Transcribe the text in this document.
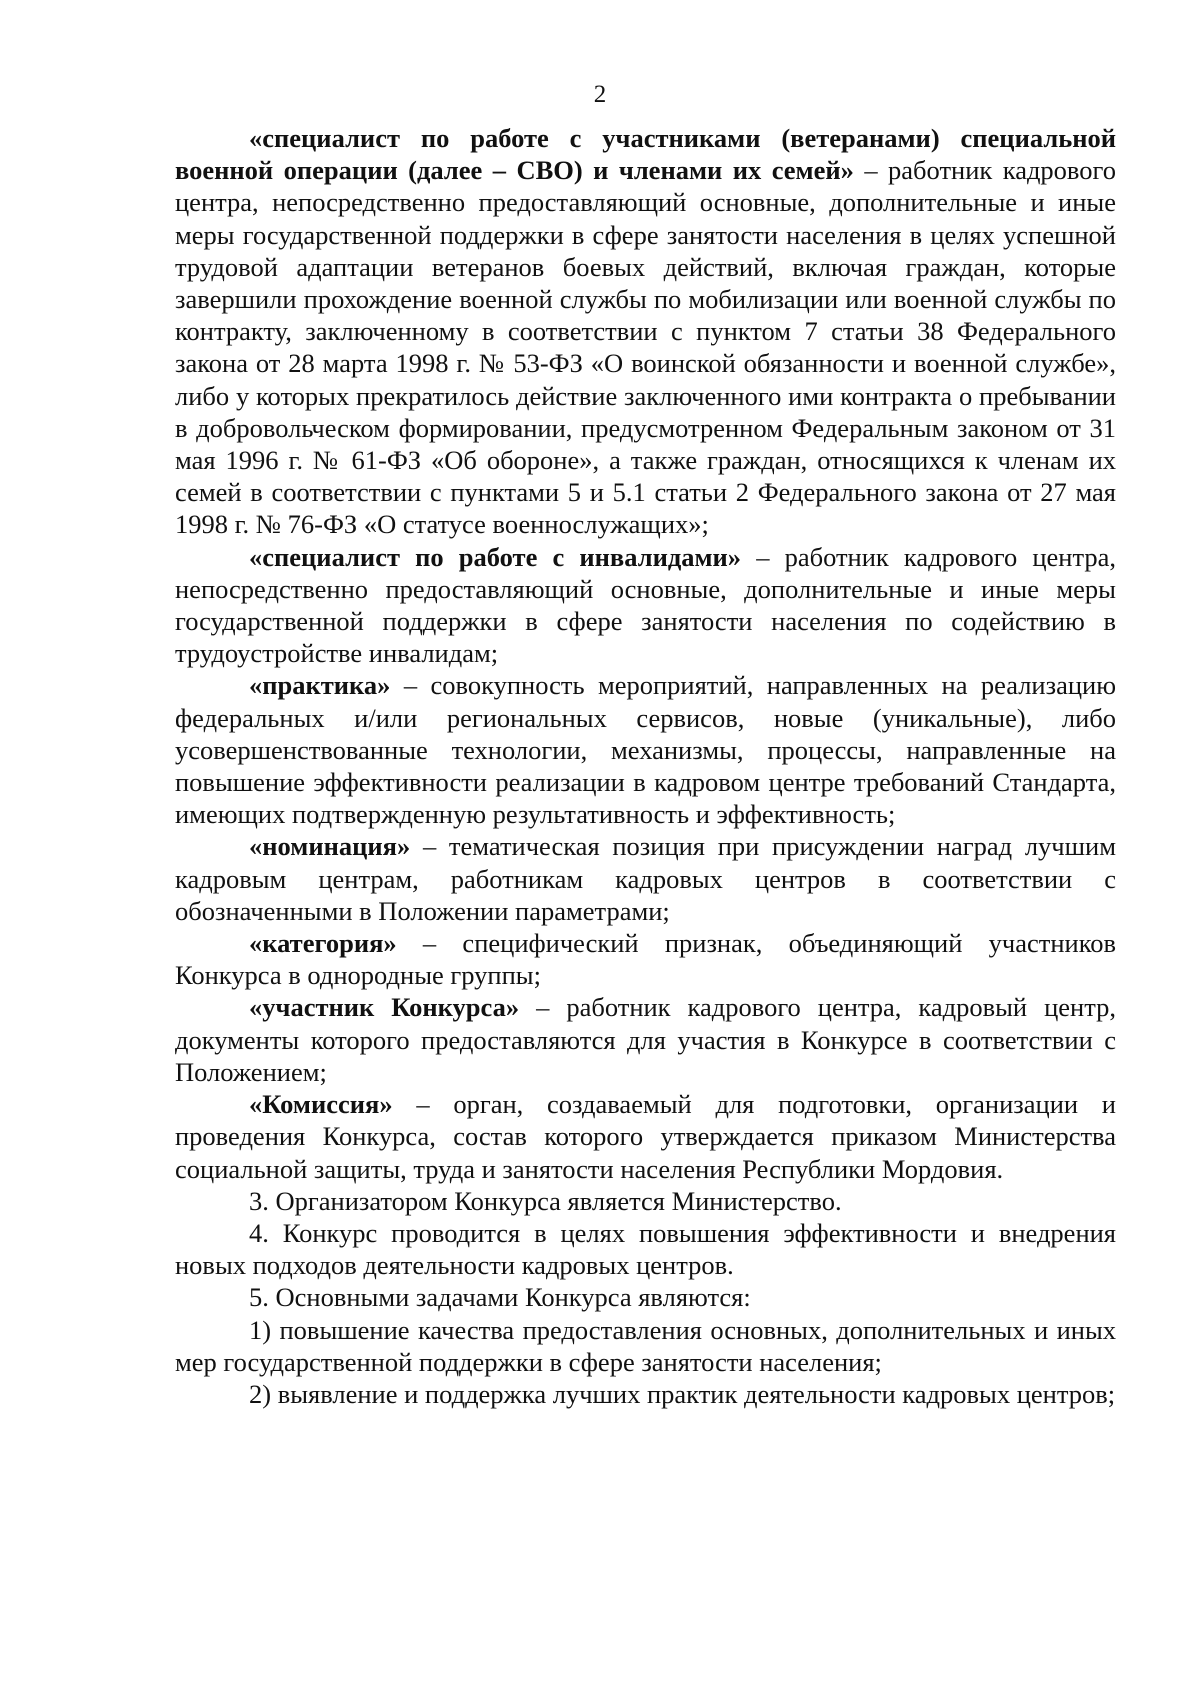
2

«специалист по работе с участниками (ветеранами) специальной военной операции (далее – СВО) и членами их семей» – работник кадрового центра, непосредственно предоставляющий основные, дополнительные и иные меры государственной поддержки в сфере занятости населения в целях успешной трудовой адаптации ветеранов боевых действий, включая граждан, которые завершили прохождение военной службы по мобилизации или военной службы по контракту, заключенному в соответствии с пунктом 7 статьи 38 Федерального закона от 28 марта 1998 г. № 53-ФЗ «О воинской обязанности и военной службе», либо у которых прекратилось действие заключенного ими контракта о пребывании в добровольческом формировании, предусмотренном Федеральным законом от 31 мая 1996 г. № 61-ФЗ «Об обороне», а также граждан, относящихся к членам их семей в соответствии с пунктами 5 и 5.1 статьи 2 Федерального закона от 27 мая 1998 г. № 76-ФЗ «О статусе военнослужащих»;

«специалист по работе с инвалидами» – работник кадрового центра, непосредственно предоставляющий основные, дополнительные и иные меры государственной поддержки в сфере занятости населения по содействию в трудоустройстве инвалидам;

«практика» – совокупность мероприятий, направленных на реализацию федеральных и/или региональных сервисов, новые (уникальные), либо усовершенствованные технологии, механизмы, процессы, направленные на повышение эффективности реализации в кадровом центре требований Стандарта, имеющих подтвержденную результативность и эффективность;

«номинация» – тематическая позиция при присуждении наград лучшим кадровым центрам, работникам кадровых центров в соответствии с обозначенными в Положении параметрами;

«категория» – специфический признак, объединяющий участников Конкурса в однородные группы;

«участник Конкурса» – работник кадрового центра, кадровый центр, документы которого предоставляются для участия в Конкурсе в соответствии с Положением;

«Комиссия» – орган, создаваемый для подготовки, организации и проведения Конкурса, состав которого утверждается приказом Министерства социальной защиты, труда и занятости населения Республики Мордовия.

3. Организатором Конкурса является Министерство.

4. Конкурс проводится в целях повышения эффективности и внедрения новых подходов деятельности кадровых центров.

5. Основными задачами Конкурса являются:

1) повышение качества предоставления основных, дополнительных и иных мер государственной поддержки в сфере занятости населения;

2) выявление и поддержка лучших практик деятельности кадровых центров;
